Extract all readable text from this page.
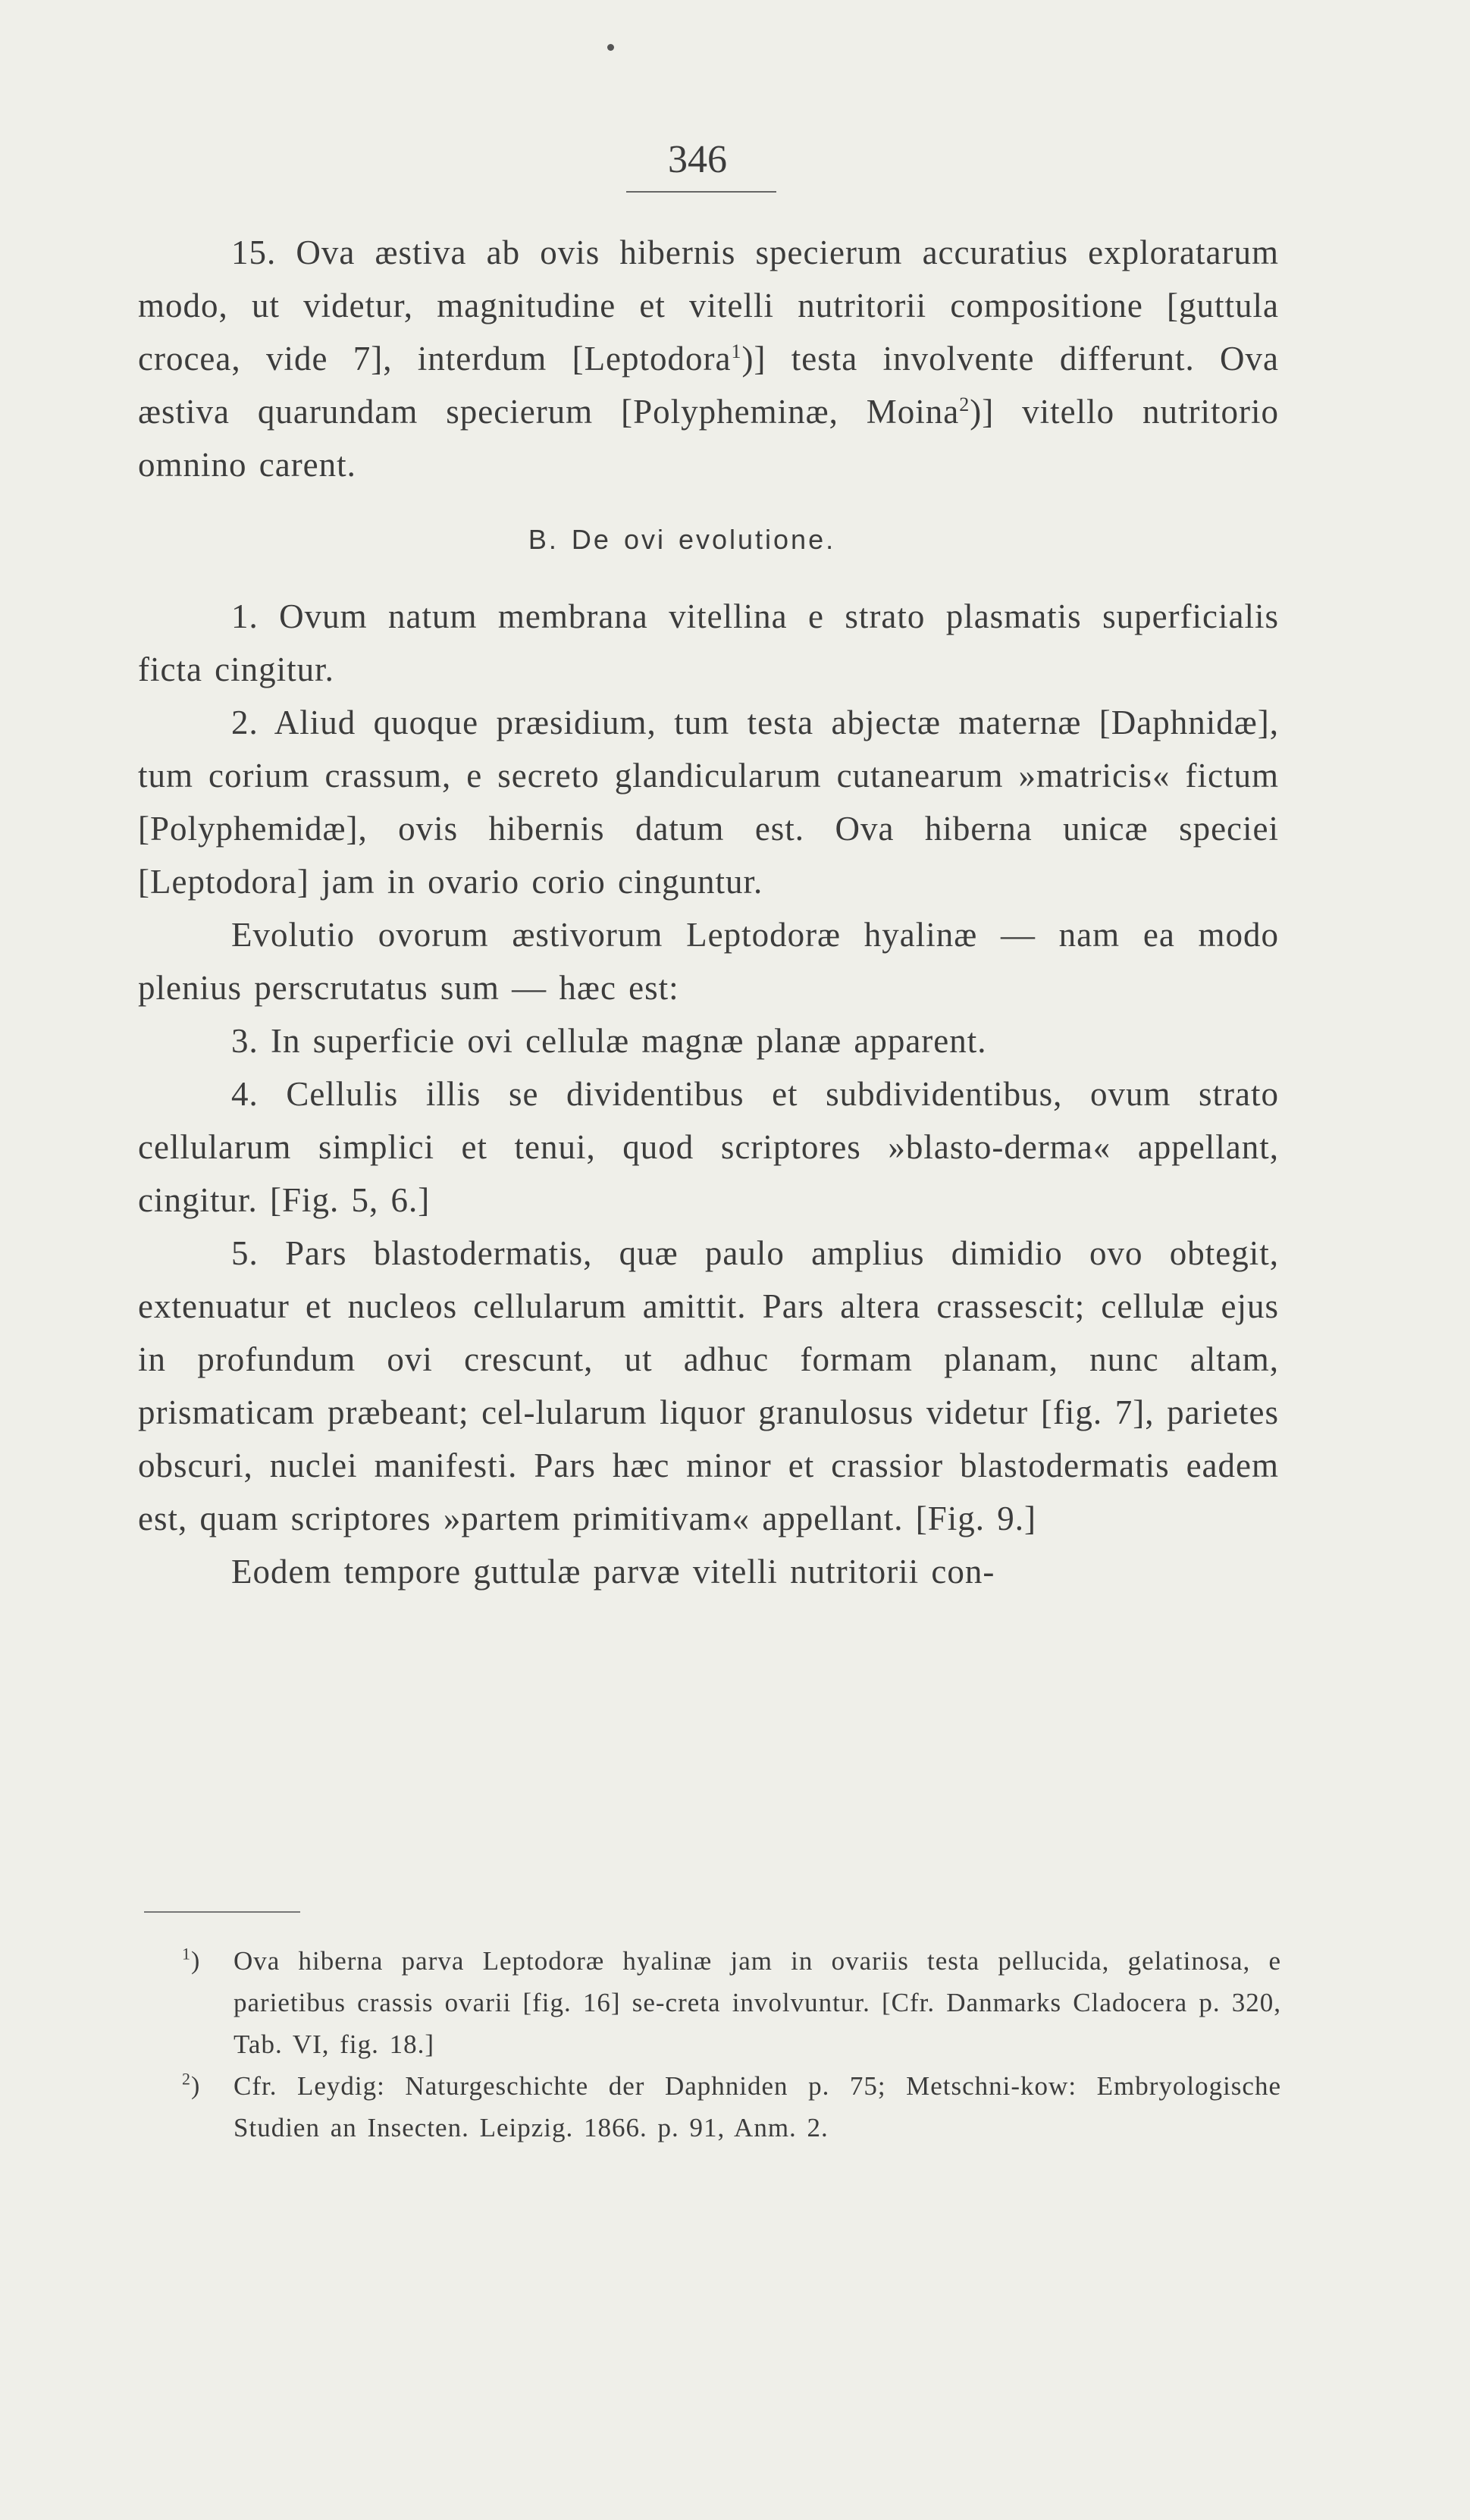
346

15. Ova æstiva ab ovis hibernis specierum accuratius exploratarum modo, ut videtur, magnitudine et vitelli nutritorii compositione [guttula crocea, vide 7], interdum [Leptodora$^1$)] testa involvente differunt. Ova æstiva quarundam specierum [Polypheminæ, Moina$^2$)] vitello nutritorio omnino carent.

B. De ovi evolutione.

1. Ovum natum membrana vitellina e strato plasmatis superficialis ficta cingitur.

2. Aliud quoque præsidium, tum testa abjectæ maternæ [Daphnidæ], tum corium crassum, e secreto glandicularum cutanearum »matricis« fictum [Polyphemidæ], ovis hibernis datum est. Ova hiberna unicæ speciei [Leptodora] jam in ovario corio cinguntur.

Evolutio ovorum æstivorum Leptodoræ hyalinæ — nam ea modo plenius perscrutatus sum — hæc est:

3. In superficie ovi cellulæ magnæ planæ apparent.

4. Cellulis illis se dividentibus et subdividentibus, ovum strato cellularum simplici et tenui, quod scriptores »blasto-derma« appellant, cingitur. [Fig. 5, 6.]

5. Pars blastodermatis, quæ paulo amplius dimidio ovo obtegit, extenuatur et nucleos cellularum amittit. Pars altera crassescit; cellulæ ejus in profundum ovi crescunt, ut adhuc formam planam, nunc altam, prismaticam præbeant; cel-lularum liquor granulosus videtur [fig. 7], parietes obscuri, nuclei manifesti. Pars hæc minor et crassior blastodermatis eadem est, quam scriptores »partem primitivam« appellant. [Fig. 9.]

Eodem tempore guttulæ parvæ vitelli nutritorii con-

$^1$) Ova hiberna parva Leptodoræ hyalinæ jam in ovariis testa pellucida, gelatinosa, e parietibus crassis ovarii [fig. 16] se-creta involvuntur. [Cfr. Danmarks Cladocera p. 320, Tab. VI, fig. 18.]

$^2$) Cfr. Leydig: Naturgeschichte der Daphniden p. 75; Metschni-kow: Embryologische Studien an Insecten. Leipzig. 1866. p. 91, Anm. 2.
